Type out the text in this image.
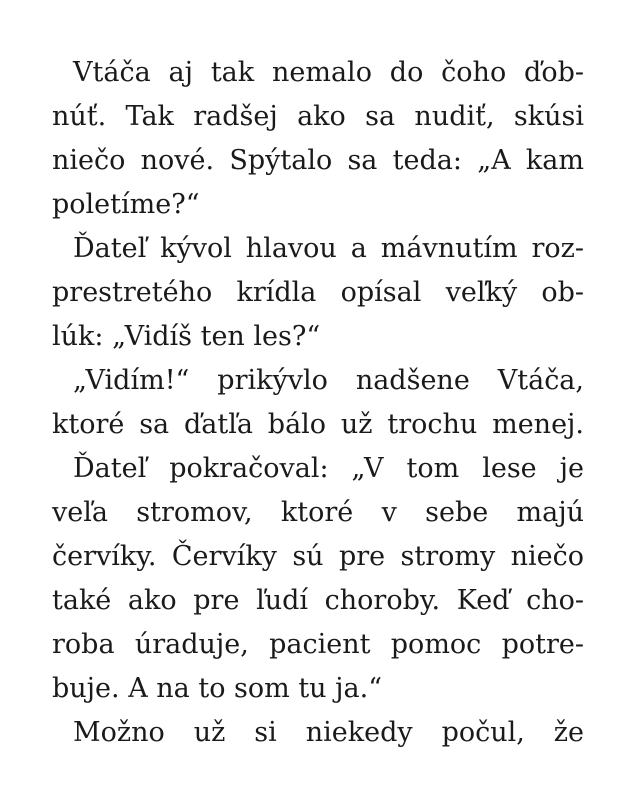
Vtáča aj tak nemalo do čoho ďob-
núť. Tak radšej ako sa nudiť, skúsi
niečo nové. Spýtalo sa teda: „A kam
poletíme?“
Ďateľ kývol hlavou a mávnutím roz-
prestretého krídla opísal veľký ob-
lúk: „Vidíš ten les?“
„Vidím!“ prikývlo nadšene Vtáča,
ktoré sa ďatľa bálo už trochu menej.
Ďateľ pokračoval: „V tom lese je
veľa stromov, ktoré v sebe majú
červíky. Červíky sú pre stromy niečo
také ako pre ľudí choroby. Keď cho-
roba úraduje, pacient pomoc potre-
buje. A na to som tu ja.“
Možno už si niekedy počul, že
